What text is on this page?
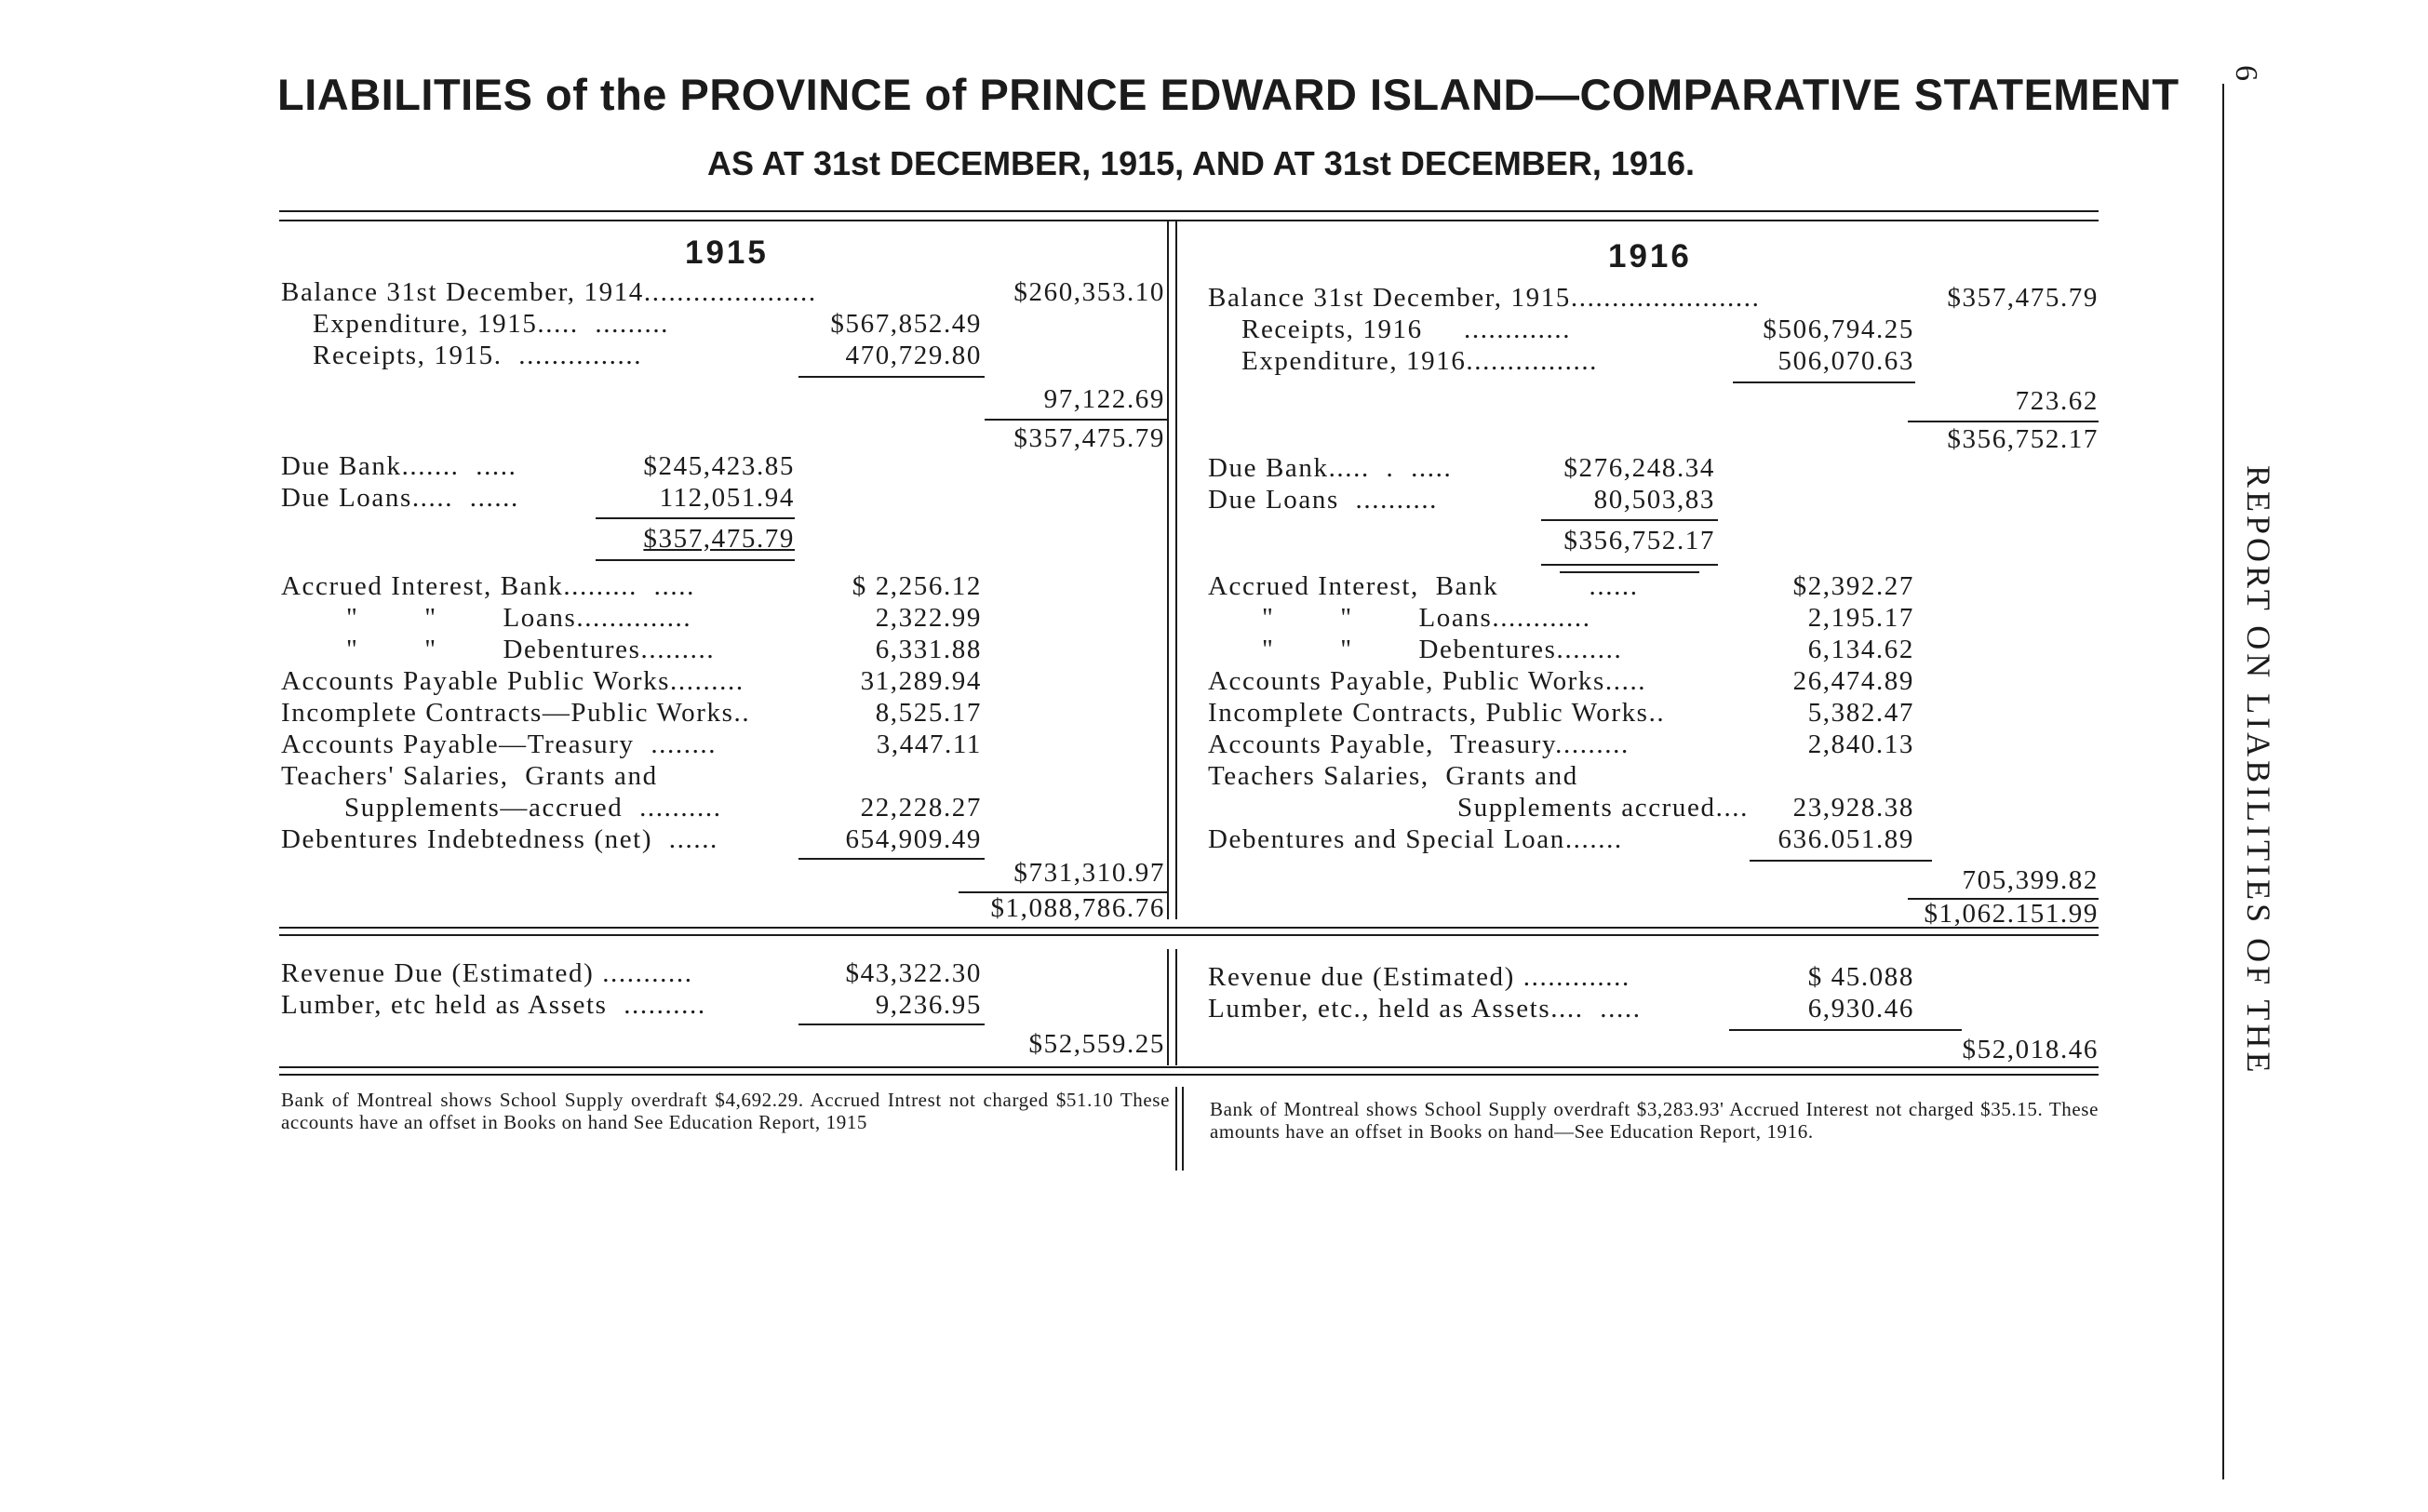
LIABILITIES of the PROVINCE of PRINCE EDWARD ISLAND—COMPARATIVE STATEMENT
AS AT 31st DECEMBER, 1915, AND AT 31st DECEMBER, 1916.
6
REPORT ON LIABILITIES OF THE
1915
Balance 31st December, 1914.....................	$260,353.10
Expenditure, 1915.....  .........	$567,852.49
Receipts, 1915.  ...............	470,729.80
97,122.69
$357,475.79
Due Bank.......  .....	$245,423.85
Due Loans.....  ......	112,051.94
$357,475.79
Accrued Interest, Bank.........  .....	$ 2,256.12
"        "        Loans..............	2,322.99
"        "        Debentures.........	6,331.88
Accounts Payable Public Works.........	31,289.94
Incomplete Contracts—Public Works..	8,525.17
Accounts Payable—Treasury  ........	3,447.11
Teachers' Salaries,  Grants and
Supplements—accrued  ..........	22,228.27
Debentures Indebtedness (net)  ......	654,909.49
$731,310.97
$1,088,786.76
Revenue Due (Estimated) ...........	$43,322.30
Lumber, etc held as Assets  ..........	9,236.95
$52,559.25
Bank of Montreal shows School Supply overdraft $4,692.29. Accrued Intrest not charged $51.10 These accounts have an offset in Books on hand See Education Report, 1915
1916
Balance 31st December, 1915.......................	$357,475.79
Receipts, 1916     .............	$506,794.25
Expenditure, 1916................	506,070.63
723.62
$356,752.17
Due Bank.....  .  .....	$276,248.34
Due Loans  ..........	80,503,83
$356,752.17
Accrued Interest,  Bank           ......	$2,392.27
"        "        Loans............	2,195.17
"        "        Debentures........	6,134.62
Accounts Payable, Public Works.....	26,474.89
Incomplete Contracts, Public Works..	5,382.47
Accounts Payable,  Treasury.........	2,840.13
Teachers Salaries,  Grants and
Supplements accrued.... 23,928.38
Debentures and Special Loan.......	636.051.89
705,399.82
$1,062.151.99
Revenue due (Estimated) .............	$ 45.088
Lumber, etc., held as Assets....  .....	6,930.46
$52,018.46
Bank of Montreal shows School Supply overdraft $3,283.93' Accrued Interest not charged $35.15. These amounts have an offset in Books on hand—See Education Report, 1916.
